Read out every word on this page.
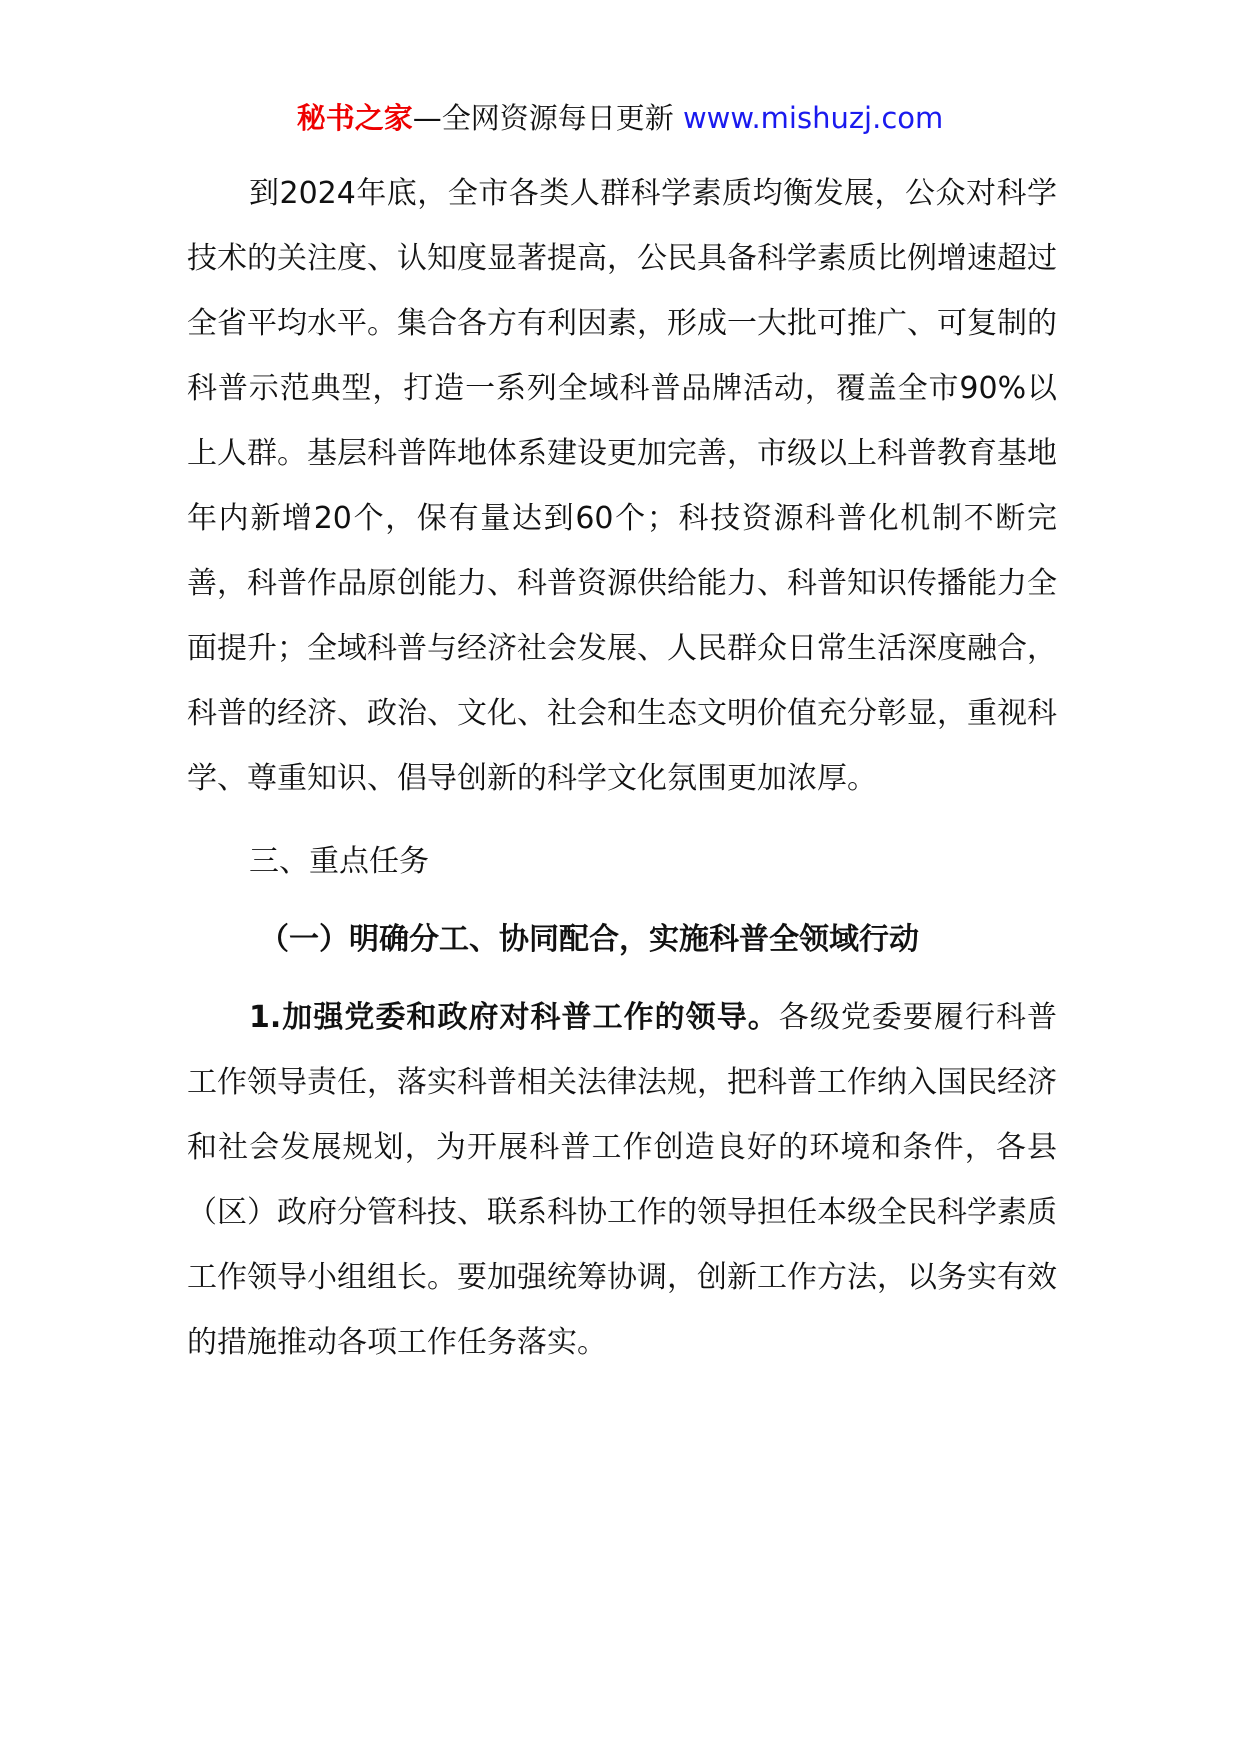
秘书之家—全网资源每日更新 www.mishuzj.com

到2024年底，全市各类人群科学素质均衡发展，公众对科学技术的关注度、认知度显著提高，公民具备科学素质比例增速超过全省平均水平。集合各方有利因素，形成一大批可推广、可复制的科普示范典型，打造一系列全域科普品牌活动，覆盖全市90%以上人群。基层科普阵地体系建设更加完善，市级以上科普教育基地年内新增20个，保有量达到60个；科技资源科普化机制不断完善，科普作品原创能力、科普资源供给能力、科普知识传播能力全面提升；全域科普与经济社会发展、人民群众日常生活深度融合，科普的经济、政治、文化、社会和生态文明价值充分彰显，重视科学、尊重知识、倡导创新的科学文化氛围更加浓厚。

三、重点任务

（一）明确分工、协同配合，实施科普全领域行动

1.加强党委和政府对科普工作的领导。各级党委要履行科普工作领导责任，落实科普相关法律法规，把科普工作纳入国民经济和社会发展规划，为开展科普工作创造良好的环境和条件，各县（区）政府分管科技、联系科协工作的领导担任本级全民科学素质工作领导小组组长。要加强统筹协调，创新工作方法，以务实有效的措施推动各项工作任务落实。
